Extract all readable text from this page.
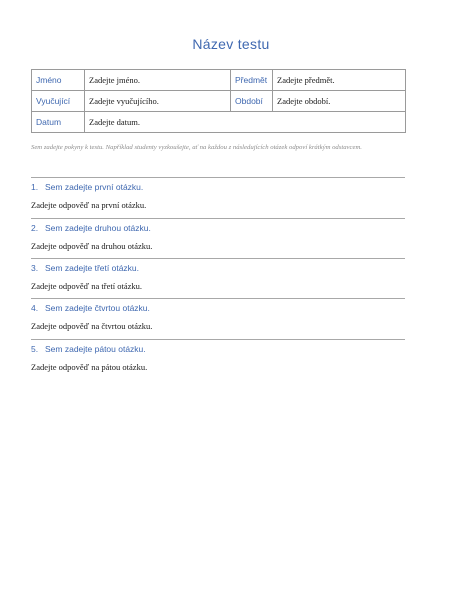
Název testu
Jméno	Zadejte jméno.	Předmět	Zadejte předmět.
Vyučující	Zadejte vyučujícího.	Období	Zadejte období.
Datum	Zadejte datum.		
Sem zadejte pokyny k testu. Například studenty vyzkoušejte, ať na každou z následujících otázek odpoví krátkým odstavcem.
1. Sem zadejte první otázku.
Zadejte odpověď na první otázku.
2. Sem zadejte druhou otázku.
Zadejte odpověď na druhou otázku.
3. Sem zadejte třetí otázku.
Zadejte odpověď na třetí otázku.
4. Sem zadejte čtvrtou otázku.
Zadejte odpověď na čtvrtou otázku.
5. Sem zadejte pátou otázku.
Zadejte odpověď na pátou otázku.
